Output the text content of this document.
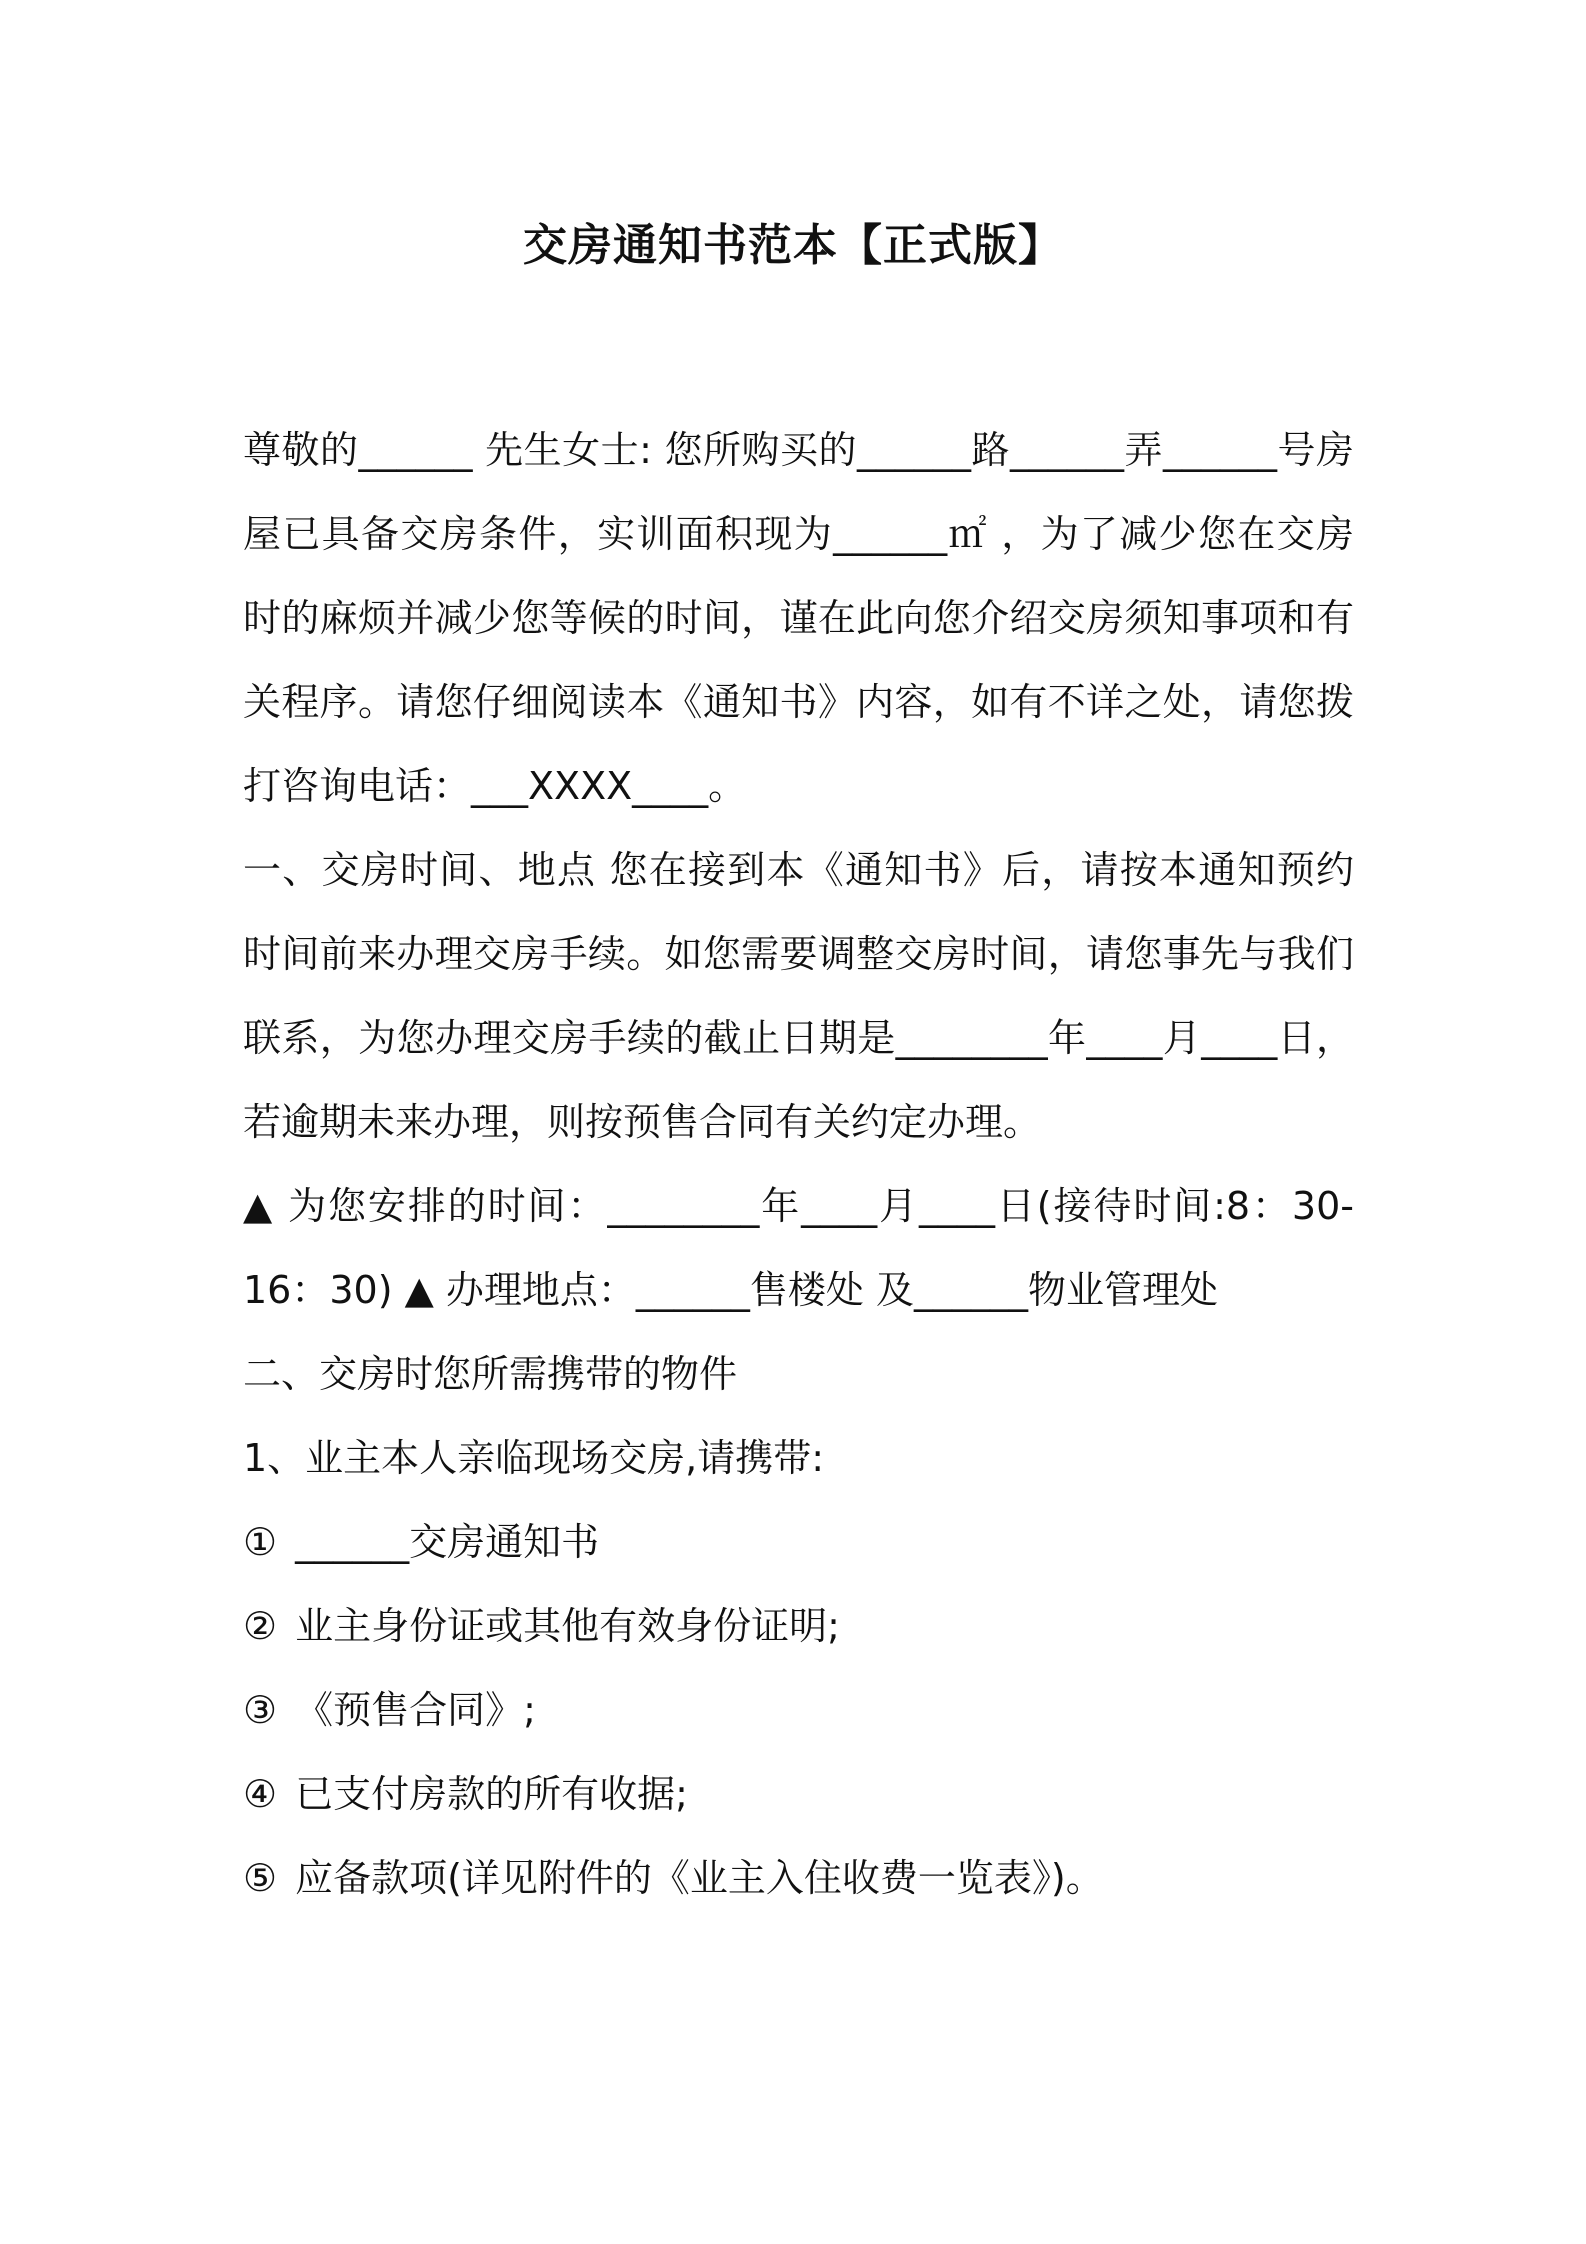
交房通知书范本【正式版】

尊敬的______ 先生女士: 您所购买的______路______弄______号房屋已具备交房条件，实训面积现为______㎡ ，为了减少您在交房时的麻烦并减少您等候的时间，谨在此向您介绍交房须知事项和有关程序。请您仔细阅读本《通知书》内容，如有不详之处，请您拨打咨询电话：___XXXX____。

一、交房时间、地点 您在接到本《通知书》后，请按本通知预约时间前来办理交房手续。如您需要调整交房时间，请您事先与我们联系，为您办理交房手续的截止日期是________年____月____日，若逾期未来办理，则按预售合同有关约定办理。

▲ 为您安排的时间：________年____月____日(接待时间:8：30-16：30) ▲ 办理地点：______售楼处 及______物业管理处

二、交房时您所需携带的物件

1、业主本人亲临现场交房,请携带:

① ______交房通知书
② 业主身份证或其他有效身份证明;
③ 《预售合同》;
④ 已支付房款的所有收据;
⑤ 应备款项(详见附件的《业主入住收费一览表》)。
